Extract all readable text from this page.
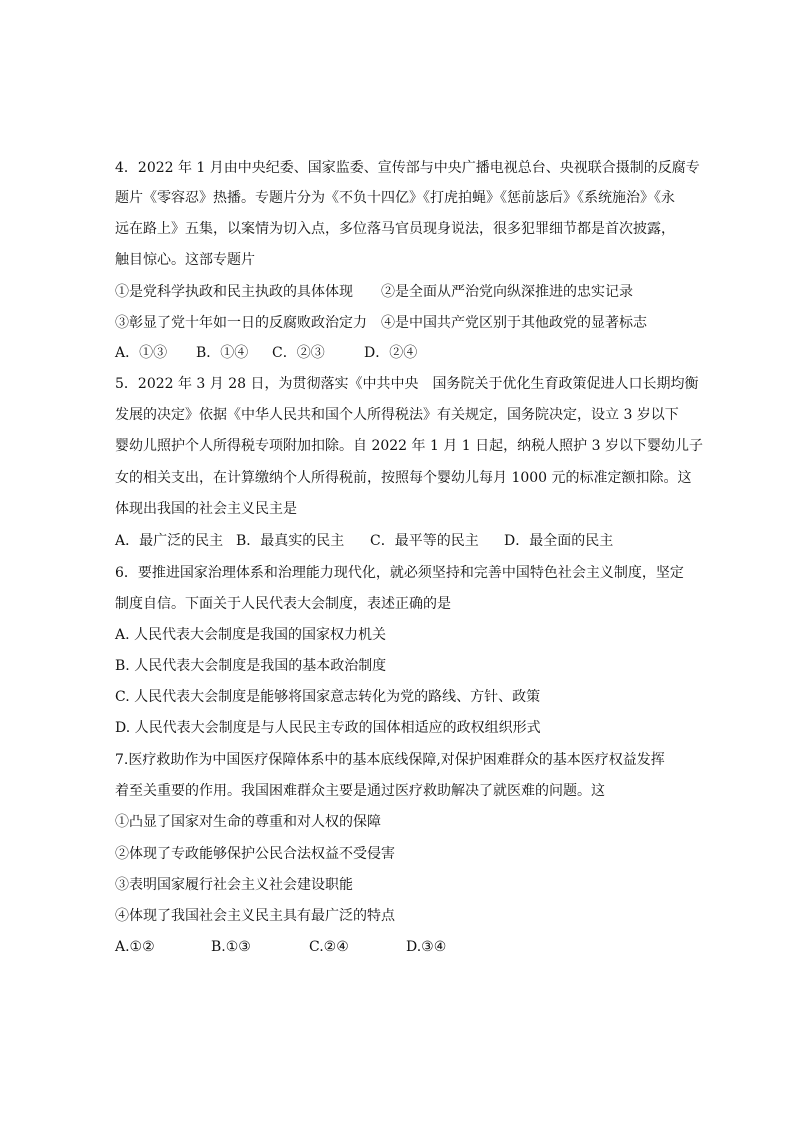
4．2022 年 1 月由中央纪委、国家监委、宣传部与中央广播电视总台、央视联合摄制的反腐专
题片《零容忍》热播。专题片分为《不负十四亿》《打虎拍蝇》《惩前毖后》《系统施治》《永
远在路上》五集，以案情为切入点，多位落马官员现身说法，很多犯罪细节都是首次披露，
触目惊心。这部专题片
①是党科学执政和民主执政的具体体现　　②是全面从严治党向纵深推进的忠实记录
③彰显了党十年如一日的反腐败政治定力　④是中国共产党区别于其他政党的显著标志
A．①③ B．①④ C．②③	D．②④
5．2022 年 3 月 28 日，为贯彻落实《中共中央　国务院关于优化生育政策促进人口长期均衡
发展的决定》依据《中华人民共和国个人所得税法》有关规定，国务院决定，设立 3 岁以下
婴幼儿照护个人所得税专项附加扣除。自 2022 年 1 月 1 日起，纳税人照护 3 岁以下婴幼儿子
女的相关支出，在计算缴纳个人所得税前，按照每个婴幼儿每月 1000 元的标准定额扣除。这
体现出我国的社会主义民主是
A．最广泛的民主 B．最真实的民主 C．最平等的民主 D．最全面的民主
6．要推进国家治理体系和治理能力现代化，就必须坚持和完善中国特色社会主义制度，坚定
制度自信。下面关于人民代表大会制度，表述正确的是
A. 人民代表大会制度是我国的国家权力机关
B. 人民代表大会制度是我国的基本政治制度
C. 人民代表大会制度是能够将国家意志转化为党的路线、方针、政策
D. 人民代表大会制度是与人民民主专政的国体相适应的政权组织形式
7.医疗救助作为中国医疗保障体系中的基本底线保障,对保护困难群众的基本医疗权益发挥
着至关重要的作用。我国困难群众主要是通过医疗救助解决了就医难的问题。这
①凸显了国家对生命的尊重和对人权的保障
②体现了专政能够保护公民合法权益不受侵害
③表明国家履行社会主义社会建设职能
④体现了我国社会主义民主具有最广泛的特点
A.①②	B.①③	C.②④	D.③④
